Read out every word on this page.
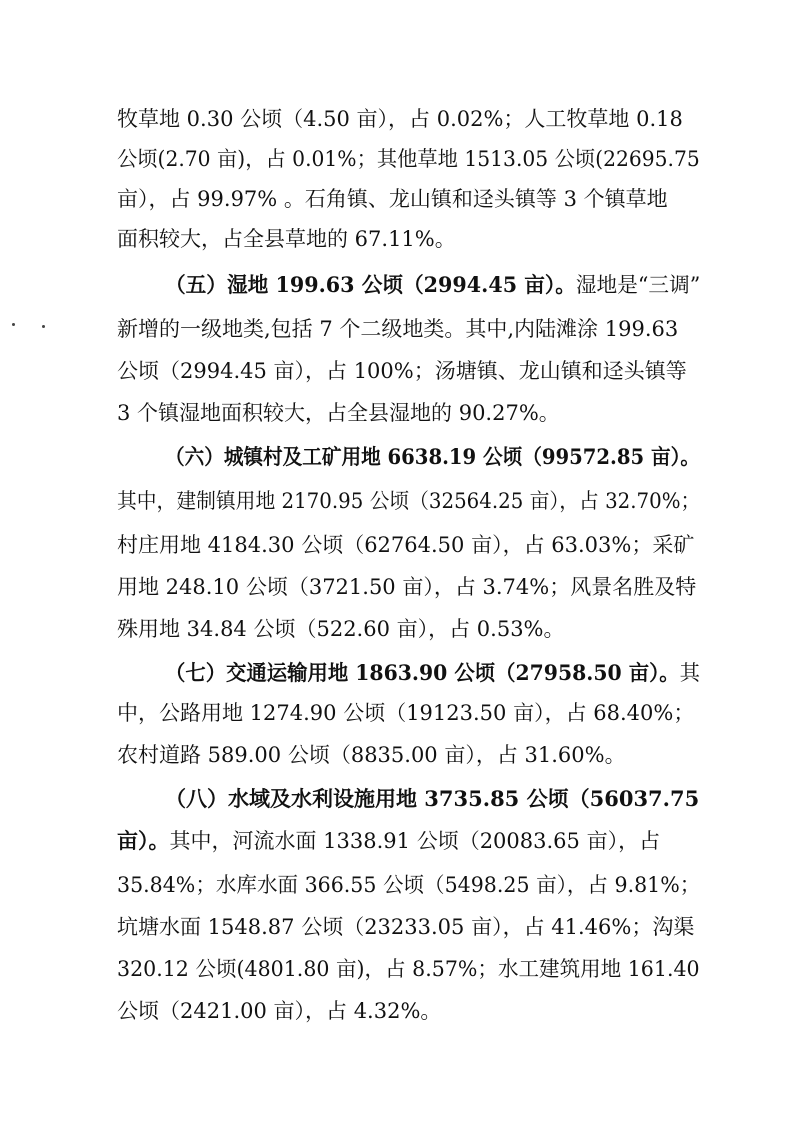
牧草地 0.30 公顷（4.50 亩），占 0.02%；人工牧草地 0.18
公顷(2.70 亩)，占 0.01%；其他草地 1513.05 公顷(22695.75
亩），占 99.97% 。石角镇、龙山镇和迳头镇等 3 个镇草地
面积较大，占全县草地的 67.11%。
（五）湿地 199.63 公顷（2994.45 亩）。湿地是“三调”
新增的一级地类,包括 7 个二级地类。其中,内陆滩涂 199.63
公顷（2994.45 亩），占 100%；汤塘镇、龙山镇和迳头镇等
3 个镇湿地面积较大，占全县湿地的 90.27%。
（六）城镇村及工矿用地 6638.19 公顷（99572.85 亩）。
其中，建制镇用地 2170.95 公顷（32564.25 亩），占 32.70%；
村庄用地 4184.30 公顷（62764.50 亩），占 63.03%；采矿
用地 248.10 公顷（3721.50 亩），占 3.74%；风景名胜及特
殊用地 34.84 公顷（522.60 亩），占 0.53%。
（七）交通运输用地 1863.90 公顷（27958.50 亩）。其
中，公路用地 1274.90 公顷（19123.50 亩），占 68.40%；
农村道路 589.00 公顷（8835.00 亩），占 31.60%。
（八）水域及水利设施用地 3735.85 公顷（56037.75
亩）。其中，河流水面 1338.91 公顷（20083.65 亩），占
35.84%；水库水面 366.55 公顷（5498.25 亩），占 9.81%；
坑塘水面 1548.87 公顷（23233.05 亩），占 41.46%；沟渠
320.12 公顷(4801.80 亩)，占 8.57%；水工建筑用地 161.40
公顷（2421.00 亩），占 4.32%。
